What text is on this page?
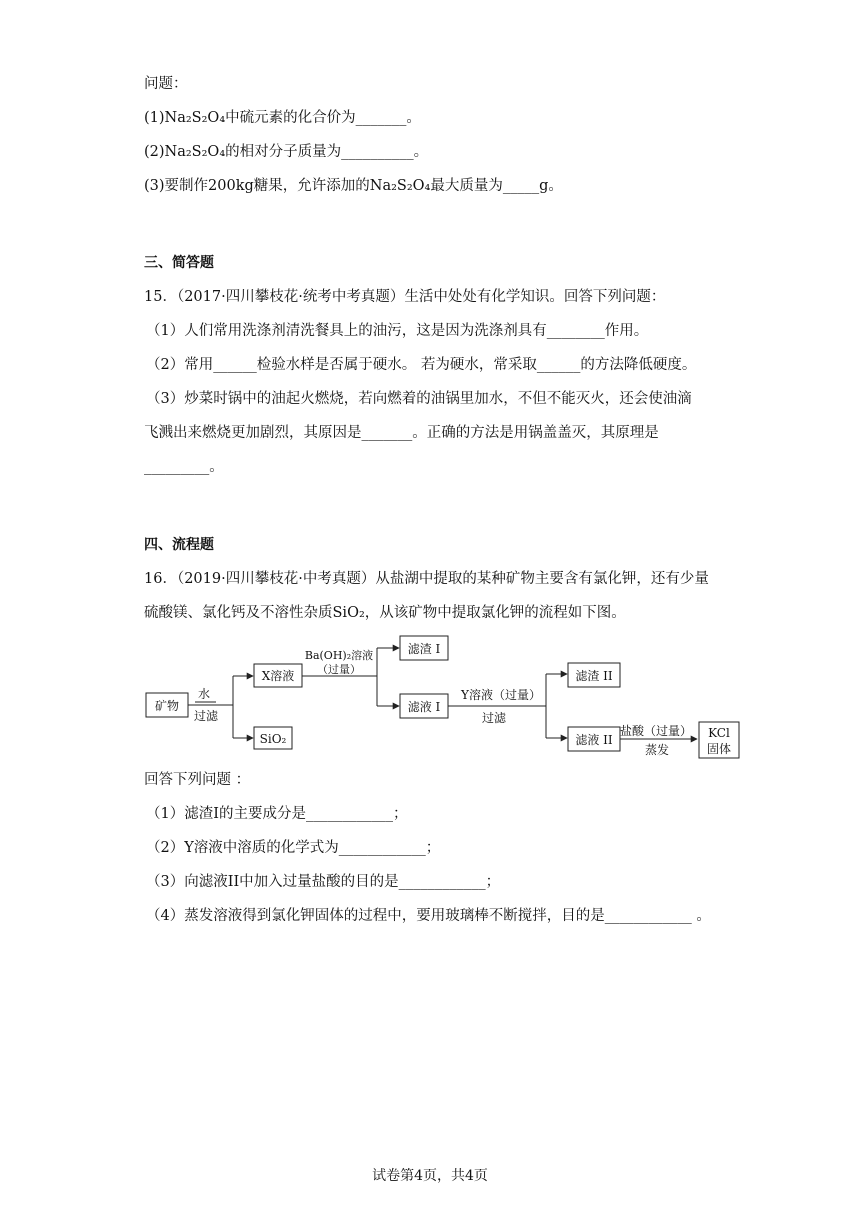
问题：
(1)Na₂S₂O₄中硫元素的化合价为_______。
(2)Na₂S₂O₄的相对分子质量为__________。
(3)要制作200kg糖果，允许添加的Na₂S₂O₄最大质量为_____g。
三、简答题
15．（2017·四川攀枝花·统考中考真题）生活中处处有化学知识。回答下列问题：
（1）人们常用洗涤剂清洗餐具上的油污，这是因为洗涤剂具有________作用。
（2）常用______检验水样是否属于硬水。 若为硬水，常采取______的方法降低硬度。
（3）炒菜时锅中的油起火燃烧，若向燃着的油锅里加水，不但不能灭火，还会使油滴
飞溅出来燃烧更加剧烈，其原因是_______。正确的方法是用锅盖盖灭，其原理是
_________。
四、流程题
16．（2019·四川攀枝花·中考真题）从盐湖中提取的某种矿物主要含有氯化钾，还有少量
硫酸镁、氯化钙及不溶性杂质SiO₂，从该矿物中提取氯化钾的流程如下图。
矿物
水
过滤
X溶液
SiO₂
Ba(OH)₂溶液
（过量）
滤渣 I
滤液 I
Y溶液（过量）
过滤
滤渣 II
滤液 II
盐酸（过量）
蒸发
KCl
固体
回答下列问题 ：
（1）滤渣I的主要成分是____________；
（2）Y溶液中溶质的化学式为____________；
（3）向滤液II中加入过量盐酸的目的是____________；
（4）蒸发溶液得到氯化钾固体的过程中，要用玻璃棒不断搅拌，目的是____________ 。
试卷第4页，共4页
